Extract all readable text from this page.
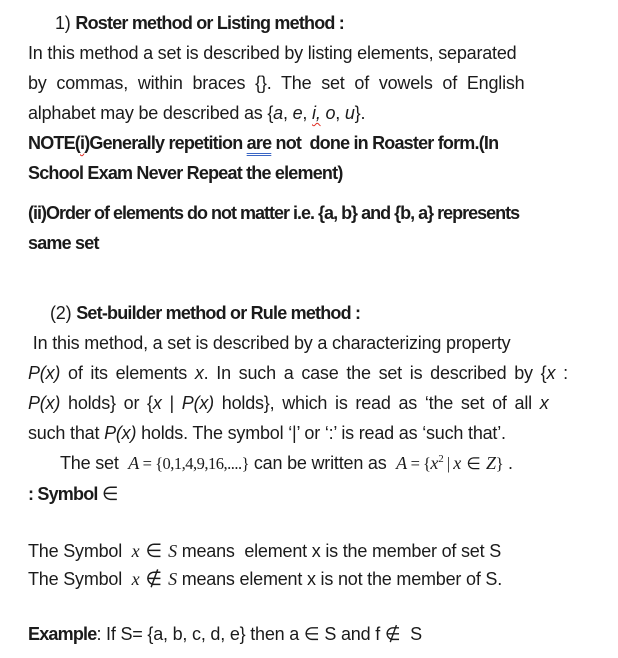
1) Roster method or Listing method :
In this method a set is described by listing elements, separated
by commas, within braces {}. The set of vowels of English
alphabet may be described as {a, e, i, o, u}.
NOTE(i)Generally repetition are not  done in Roaster form.(In
School Exam Never Repeat the element)
(ii)Order of elements do not matter i.e. {a, b} and {b, a} represents
same set
(2) Set-builder method or Rule method :
In this method, a set is described by a characterizing property
P(x) of its elements x. In such a case the set is described by {x :
P(x) holds} or {x | P(x) holds}, which is read as ‘the set of all x
such that P(x) holds. The symbol ‘|’ or ‘:’ is read as ‘such that’.
The set  A = {0,1,4,9,16,....} can be written as  $A = \{x^2$ | x ∈ Z} .
: Symbol ∈
The Symbol  x ∈ S means  element x is the member of set S
The Symbol  x ∉ S means element x is not the member of S.
Example: If S= {a, b, c, d, e} then a ∈ S and f ∉  S
